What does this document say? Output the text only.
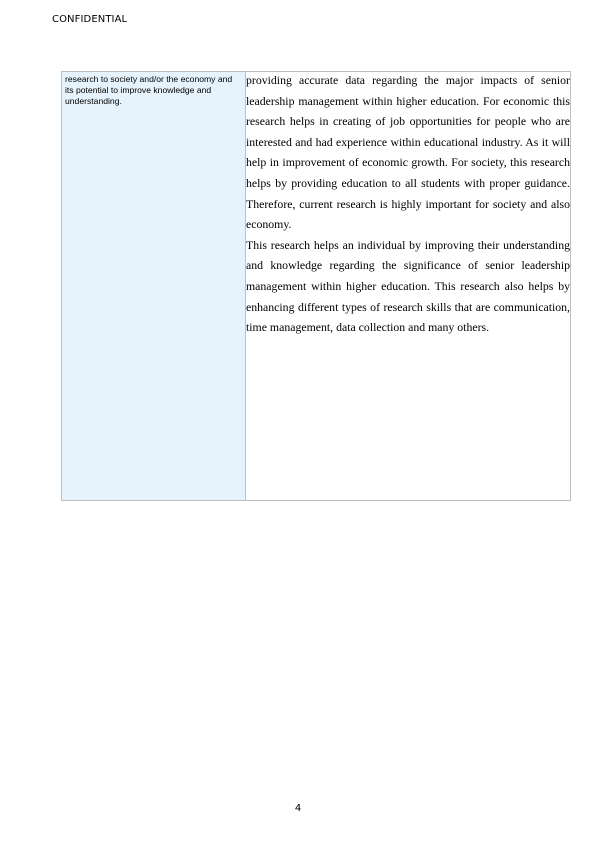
CONFIDENTIAL
research to society and/or the economy and its potential to improve knowledge and understanding.

providing accurate data regarding the major impacts of senior leadership management within higher education. For economic this research helps in creating of job opportunities for people who are interested and had experience within educational industry. As it will help in improvement of economic growth. For society, this research helps by providing education to all students with proper guidance. Therefore, current research is highly important for society and also economy.

This research helps an individual by improving their understanding and knowledge regarding the significance of senior leadership management within higher education. This research also helps by enhancing different types of research skills that are communication, time management, data collection and many others.

4
